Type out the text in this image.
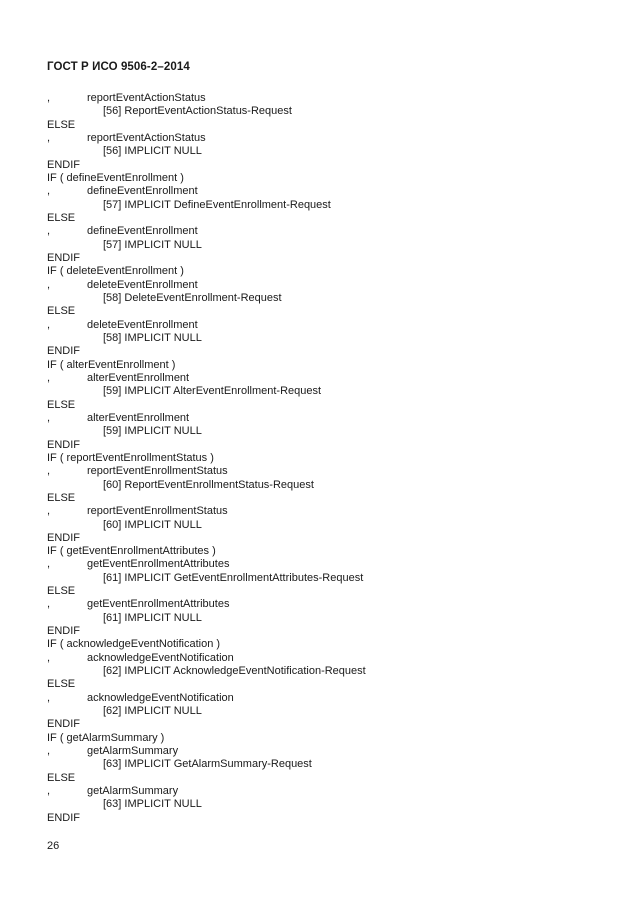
ГОСТ Р ИСО 9506-2–2014
,	reportEventActionStatus
[56] ReportEventActionStatus-Request
ELSE
,	reportEventActionStatus
[56] IMPLICIT NULL
ENDIF
IF ( defineEventEnrollment )
,	defineEventEnrollment
[57] IMPLICIT DefineEventEnrollment-Request
ELSE
,	defineEventEnrollment
[57] IMPLICIT NULL
ENDIF
IF ( deleteEventEnrollment )
,	deleteEventEnrollment
[58] DeleteEventEnrollment-Request
ELSE
,	deleteEventEnrollment
[58] IMPLICIT NULL
ENDIF
IF ( alterEventEnrollment )
,	alterEventEnrollment
[59] IMPLICIT AlterEventEnrollment-Request
ELSE
,	alterEventEnrollment
[59] IMPLICIT NULL
ENDIF
IF ( reportEventEnrollmentStatus )
,	reportEventEnrollmentStatus
[60] ReportEventEnrollmentStatus-Request
ELSE
,	reportEventEnrollmentStatus
[60] IMPLICIT NULL
ENDIF
IF ( getEventEnrollmentAttributes )
,	getEventEnrollmentAttributes
[61] IMPLICIT GetEventEnrollmentAttributes-Request
ELSE
,	getEventEnrollmentAttributes
[61] IMPLICIT NULL
ENDIF
IF ( acknowledgeEventNotification )
,	acknowledgeEventNotification
[62] IMPLICIT AcknowledgeEventNotification-Request
ELSE
,	acknowledgeEventNotification
[62] IMPLICIT NULL
ENDIF
IF ( getAlarmSummary )
,	getAlarmSummary
[63] IMPLICIT GetAlarmSummary-Request
ELSE
,	getAlarmSummary
[63] IMPLICIT NULL
ENDIF
26
